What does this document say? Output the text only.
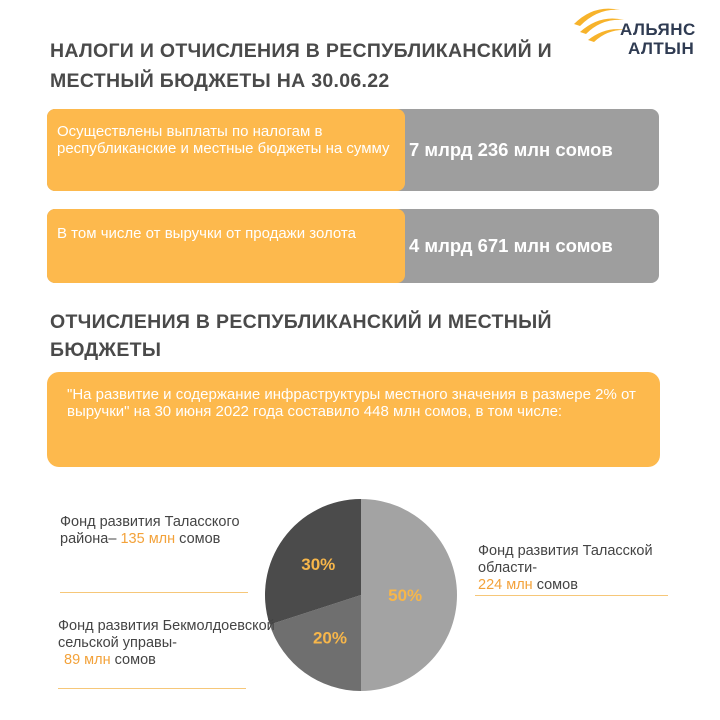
АЛЬЯНС
АЛТЫН
НАЛОГИ И ОТЧИСЛЕНИЯ В РЕСПУБЛИКАНСКИЙ И МЕСТНЫЙ БЮДЖЕТЫ НА 30.06.22
Осуществлены выплаты по налогам в республиканские и местные бюджеты на сумму	7 млрд 236 млн сомов
В том числе от выручки от продажи золота
4 млрд 671 млн сомов
ОТЧИСЛЕНИЯ В РЕСПУБЛИКАНСКИЙ И МЕСТНЫЙ БЮДЖЕТЫ
"На развитие и содержание инфраструктуры местного значения в размере 2% от выручки" на 30 июня 2022 года составило 448 млн сомов, в том числе:
50%
30%
20%
Фонд развития Таласского района– 135 млн сомов
Фонд развития Бекмолдоевской сельской управы-
89 млн сомов
Фонд развития Таласской области-
224 млн сомов
